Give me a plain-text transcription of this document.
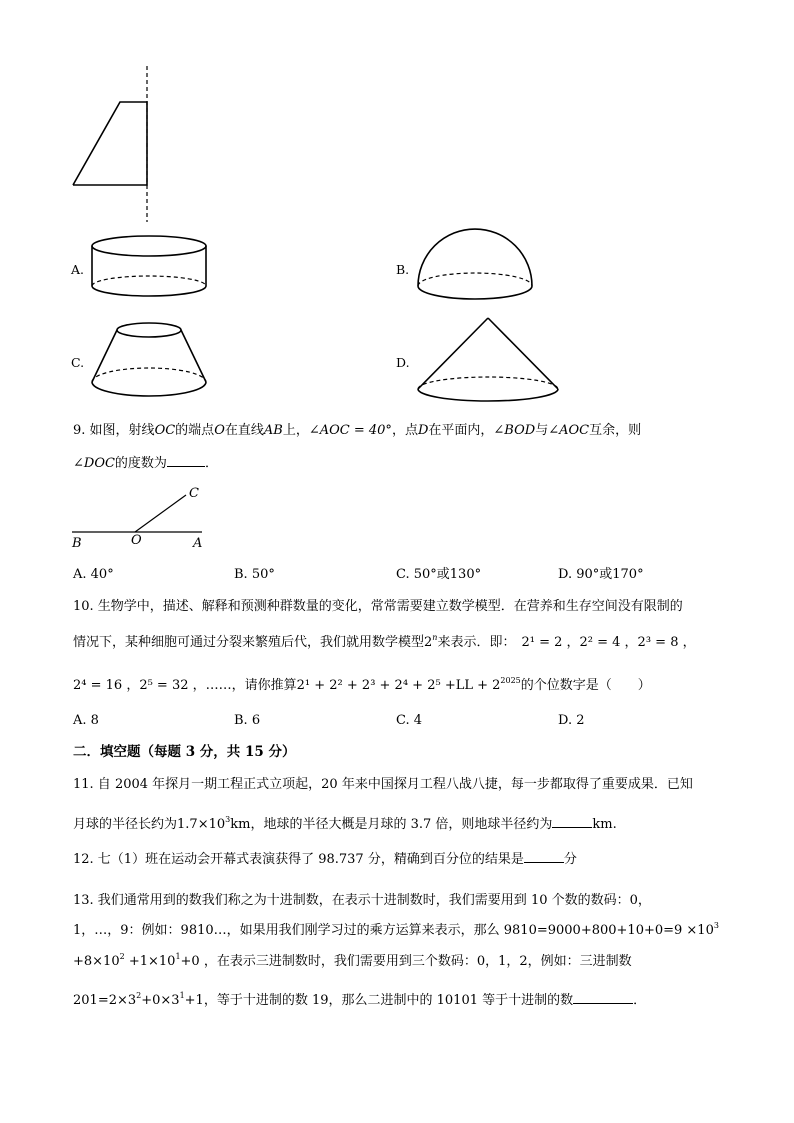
A.	B.
C.	D.
9. 如图，射线OC的端点O在直线AB上，∠AOC = 40°，点D在平面内，∠BOD与∠AOC互余，则
∠DOC的度数为	．
C
B	O	A
A. 40°	B. 50°	C. 50°或130°	D. 90°或170°
10. 生物学中，描述、解释和预测种群数量的变化，常常需要建立数学模型．在营养和生存空间没有限制的
情况下，某种细胞可通过分裂来繁殖后代，我们就用数学模型2$^n$来表示．即： 2¹ = 2 ，2² = 4 ，2³ = 8 ，
2⁴ = 16 ，2⁵ = 32 ，……，请你推算$2^1 + 2^2 + 2^3 + 2^4 + 2^5 +LL + 2^{2025}$的个位数字是（　　）
A. 8	B. 6	C. 4	D. 2
二．填空题（每题 3 分，共 15 分）
11. 自 2004 年探月一期工程正式立项起，20 年来中国探月工程八战八捷，每一步都取得了重要成果．已知
月球的半径长约为$1.7\times 10^3km$，地球的半径大概是月球的 3.7 倍，则地球半径约为	km.
12. 七（1）班在运动会开幕式表演获得了 98.737 分，精确到百分位的结果是	分
13. 我们通常用到的数我们称之为十进制数，在表示十进制数时，我们需要用到 10 个数的数码：0，
1，…，9：例如：9810…，如果用我们刚学习过的乘方运算来表示，那么 $9810=9000+800+10+0=9 \times 10^3$
$+8\times 10^2 +1\times 10^1+0$ ，在表示三进制数时，我们需要用到三个数码：0，1，2，例如：三进制数
$201=2\times 3^2+0\times 3^1+1$，等于十进制的数 19，那么二进制中的 10101 等于十进制的数	．
